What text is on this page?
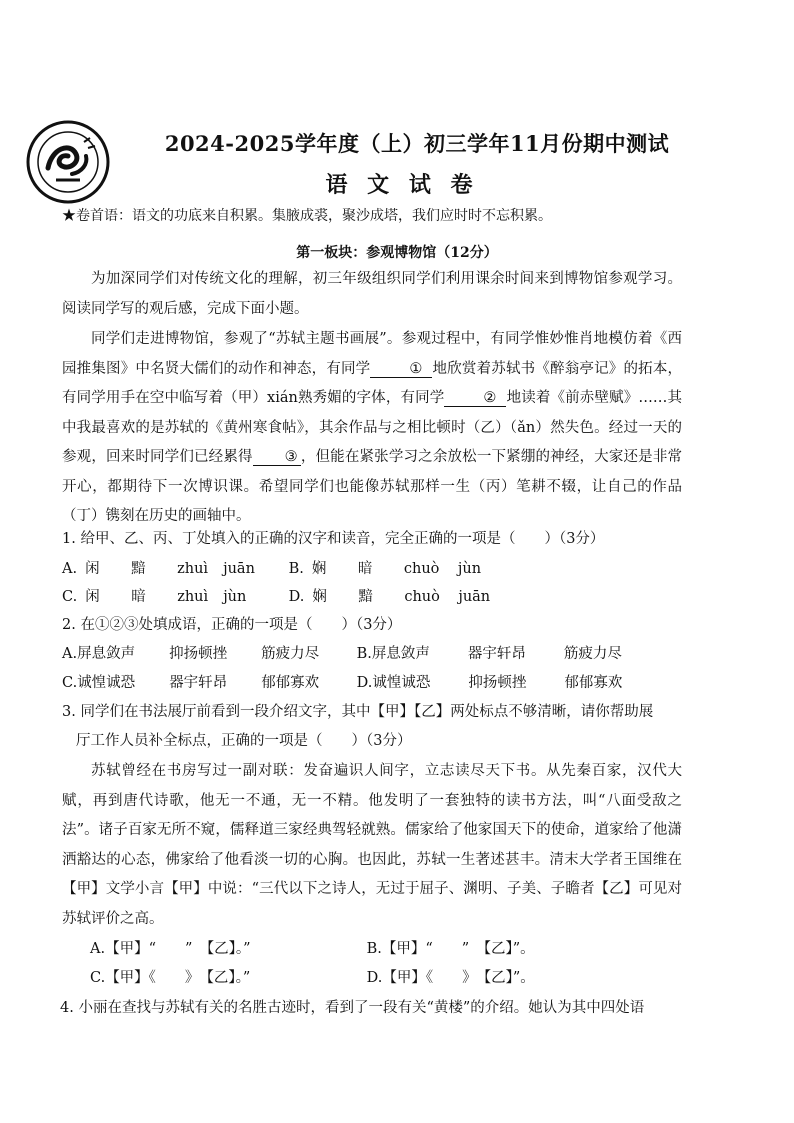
2024-2025学年度（上）初三学年11月份期中测试
语 文 试 卷
★卷首语：语文的功底来自积累。集腋成裘，聚沙成塔，我们应时时不忘积累。
第一板块：参观博物馆（12分）
为加深同学们对传统文化的理解，初三年级组织同学们利用课余时间来到博物馆参观学习。阅读同学写的观后感，完成下面小题。
同学们走进博物馆，参观了“苏轼主题书画展”。参观过程中，有同学惟妙惟肖地模仿着《西园推集图》中名贤大儒们的动作和神态，有同学	① 地欣赏着苏轼书《醉翁亭记》的拓本，有同学用手在空中临写着（甲）xián熟秀媚的字体，有同学	② 地读着《前赤壁赋》……其中我最喜欢的是苏轼的《黄州寒食帖》，其余作品与之相比顿时（乙）（ǎn）然失色。经过一天的参观，回来时同学们已经累得 ③ ，但能在紧张学习之余放松一下紧绷的神经，大家还是非常开心，都期待下一次博识课。希望同学们也能像苏轼那样一生（丙）笔耕不辍，让自己的作品（丁）镌刻在历史的画轴中。
1. 给甲、乙、丙、丁处填入的正确的汉字和读音，完全正确的一项是（　　）（3分）
A. 闲 黯 zhuì juān B. 娴 暗 chuò jùn
C. 闲 暗 zhuì jùn	D. 娴 黯 chuò juān
2. 在①②③处填成语，正确的一项是（　　）（3分）
A.屏息敛声 抑扬顿挫 筋疲力尽	B.屏息敛声	器宇轩昂	筋疲力尽
C.诚惶诚恐 器宇轩昂 郁郁寡欢	D.诚惶诚恐	抑扬顿挫	郁郁寡欢
3. 同学们在书法展厅前看到一段介绍文字，其中【甲】【乙】两处标点不够清晰，请你帮助展
厅工作人员补全标点，正确的一项是（　　）（3分）
苏轼曾经在书房写过一副对联：发奋遍识人间字，立志读尽天下书。从先秦百家，汉代大赋，再到唐代诗歌，他无一不通，无一不精。他发明了一套独特的读书方法，叫“八面受敌之法”。诸子百家无所不窥，儒释道三家经典驾轻就熟。儒家给了他家国天下的使命，道家给了他潇洒豁达的心态，佛家给了他看淡一切的心胸。也因此，苏轼一生著述甚丰。清末大学者王国维在【甲】文学小言【甲】中说：“三代以下之诗人，无过于屈子、渊明、子美、子瞻者【乙】可见对苏轼评价之高。
A.【甲】“　　”　【乙】。”	B.【甲】“　　”　【乙】”。
C.【甲】《　　》　【乙】。”	D.【甲】《　　》　【乙】”。
4. 小丽在查找与苏轼有关的名胜古迹时，看到了一段有关“黄楼”的介绍。她认为其中四处语
